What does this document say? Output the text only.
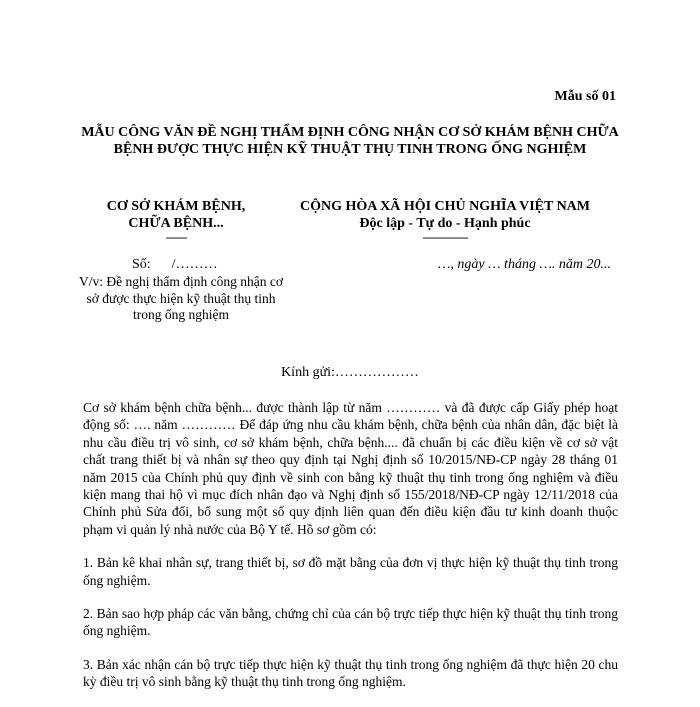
Mẫu số 01
MẪU CÔNG VĂN ĐỀ NGHỊ THẨM ĐỊNH CÔNG NHẬN CƠ SỞ KHÁM BỆNH CHỮA BỆNH ĐƯỢC THỰC HIỆN KỸ THUẬT THỤ TINH TRONG ỐNG NGHIỆM
CƠ SỞ KHÁM BỆNH,
CHỮA BỆNH...
-------
CỘNG HÒA XÃ HỘI CHỦ NGHĨA VIỆT NAM
Độc lập - Tự do - Hạnh phúc
---------------
Số:      /………	…, ngày … tháng …. năm 20...
V/v: Đề nghị thẩm định công nhận cơ sở được thực hiện kỹ thuật thụ tinh trong ống nghiệm
Kính gửi:………………

Cơ sở khám bệnh chữa bệnh... được thành lập từ năm ………… và đã được cấp Giấy phép hoạt động số: …. năm ………… Để đáp ứng nhu cầu khám bệnh, chữa bệnh của nhân dân, đặc biệt là nhu cầu điều trị vô sinh, cơ sở khám bệnh, chữa bệnh.... đã chuẩn bị các điều kiện về cơ sở vật chất trang thiết bị và nhân sự theo quy định tại Nghị định số 10/2015/NĐ-CP ngày 28 tháng 01 năm 2015 của Chính phủ quy định về sinh con bằng kỹ thuật thụ tinh trong ống nghiệm và điều kiện mang thai hộ vì mục đích nhân đạo và Nghị định số 155/2018/NĐ-CP ngày 12/11/2018 của Chính phủ Sửa đổi, bổ sung một số quy định liên quan đến điều kiện đầu tư kinh doanh thuộc phạm vi quản lý nhà nước của Bộ Y tế. Hồ sơ gồm có:

1. Bản kê khai nhân sự, trang thiết bị, sơ đồ mặt bằng của đơn vị thực hiện kỹ thuật thụ tinh trong ống nghiệm.

2. Bản sao hợp pháp các văn bằng, chứng chỉ của cán bộ trực tiếp thực hiện kỹ thuật thụ tinh trong ống nghiệm.

3. Bản xác nhận cán bộ trực tiếp thực hiện kỹ thuật thụ tinh trong ống nghiệm đã thực hiện 20 chu kỳ điều trị vô sinh bằng kỹ thuật thụ tinh trong ống nghiệm.
